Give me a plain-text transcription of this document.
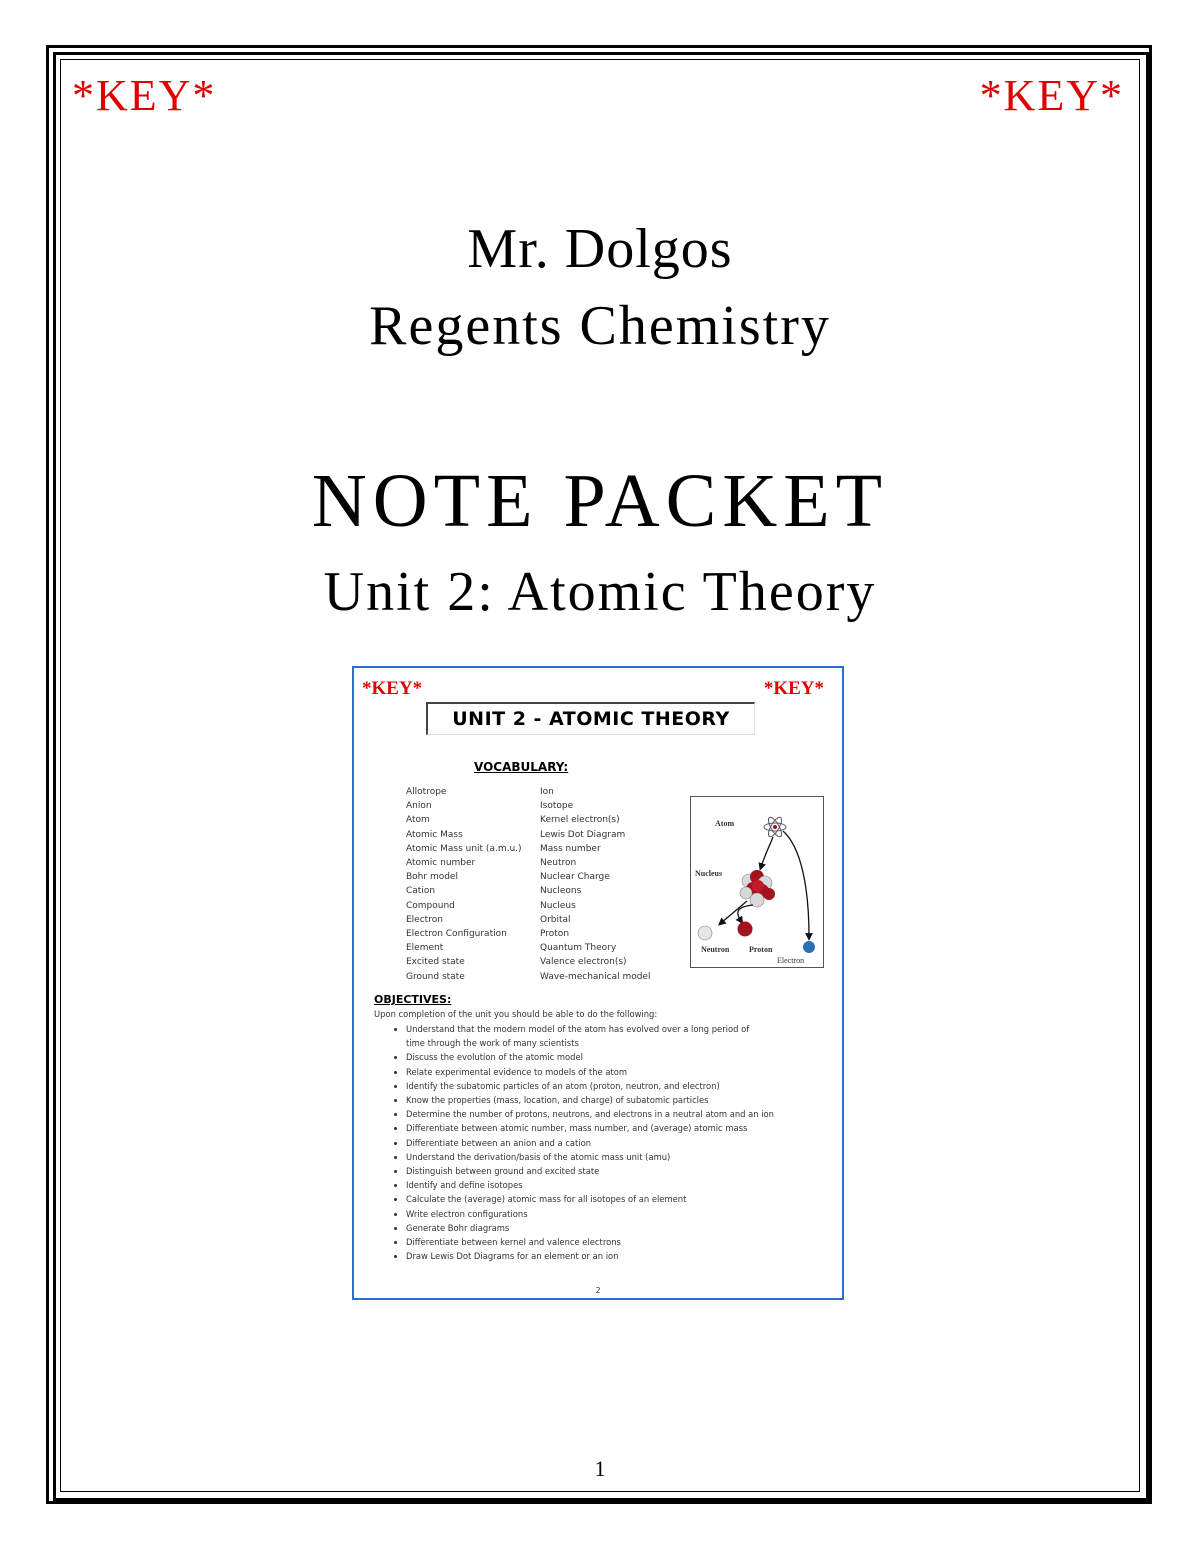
*KEY*	*KEY*
Mr. Dolgos
Regents Chemistry
NOTE PACKET
Unit 2: Atomic Theory
*KEY*	*KEY*
UNIT 2 - ATOMIC THEORY
VOCABULARY:
Allotrope
Anion
Atom
Atomic Mass
Atomic Mass unit (a.m.u.)
Atomic number
Bohr model
Cation
Compound
Electron
Electron Configuration
Element
Excited state
Ground state
Ion
Isotope
Kernel electron(s)
Lewis Dot Diagram
Mass number
Neutron
Nuclear Charge
Nucleons
Nucleus
Orbital
Proton
Quantum Theory
Valence electron(s)
Wave-mechanical model
Atom
Nucleus
Neutron Proton
Electron
OBJECTIVES:
Upon completion of the unit you should be able to do the following:
• Understand that the modern model of the atom has evolved over a long period of
time through the work of many scientists
• Discuss the evolution of the atomic model
• Relate experimental evidence to models of the atom
• Identify the subatomic particles of an atom (proton, neutron, and electron)
• Know the properties (mass, location, and charge) of subatomic particles
• Determine the number of protons, neutrons, and electrons in a neutral atom and an ion
• Differentiate between atomic number, mass number, and (average) atomic mass
• Differentiate between an anion and a cation
• Understand the derivation/basis of the atomic mass unit (amu)
• Distinguish between ground and excited state
• Identify and define isotopes
• Calculate the (average) atomic mass for all isotopes of an element
• Write electron configurations
• Generate Bohr diagrams
• Differentiate between kernel and valence electrons
• Draw Lewis Dot Diagrams for an element or an ion
2
1
